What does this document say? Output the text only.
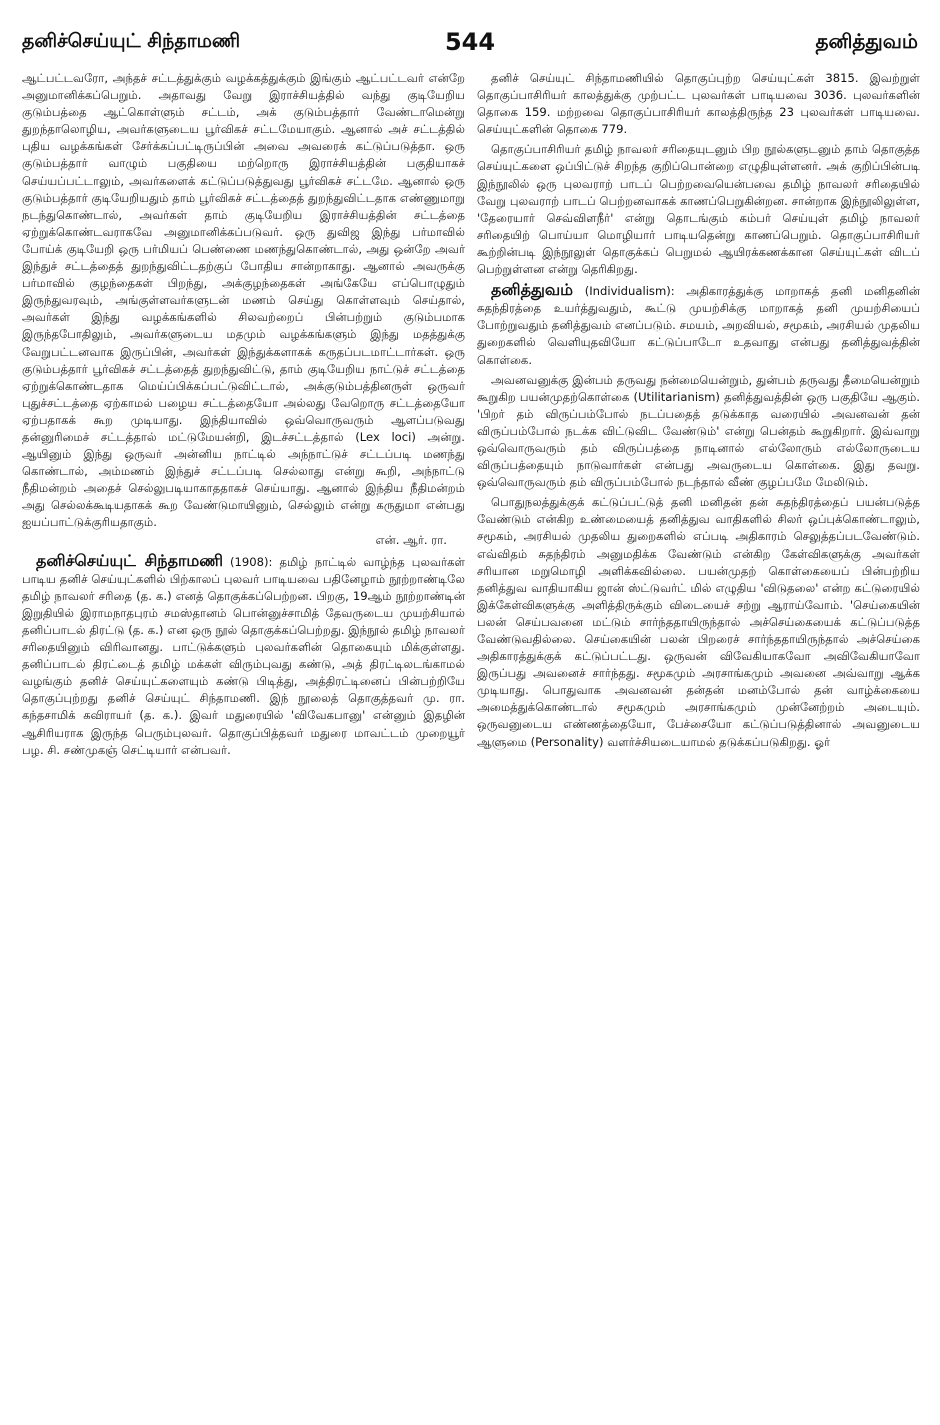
தனிச்செய்யுட் சிந்தாமணி	544	தனித்துவம்

ஆட்பட்டவரோ, அந்தச் சட்டத்துக்கும் வழக்கத்துக்கும் இங்கும் ஆட்பட்டவர் என்றே அனுமானிக்கப்பெறும். அதாவது வேறு இராச்சியத்தில் வந்து குடியேறிய குடும்பத்தை ஆட்கொள்ளும் சட்டம், அக் குடும்பத்தார் வேண்டாமென்று துறந்தாலொழிய, அவர்களுடைய பூர்விகச் சட்டமேயாகும். ஆனால் அச் சட்டத்தில் புதிய வழக்கங்கள் சேர்க்கப்பட்டிருப்பின் அவை அவரைக் கட்டுப்படுத்தா. ஒரு குடும்பத்தார் வாழும் பகுதியை மற்றொரு இராச்சியத்தின் பகுதியாகச் செய்யப்பட்டாலும், அவர்களைக் கட்டுப்படுத்துவது பூர்விகச் சட்டமே. ஆனால் ஒரு குடும்பத்தார் குடியேறியதும் தாம் பூர்விகச் சட்டத்தைத் துறந்துவிட்டதாக எண்ணுமாறு நடந்துகொண்டால், அவர்கள் தாம் குடியேறிய இராச்சியத்தின் சட்டத்தை ஏற்றுக்கொண்டவராகவே அனுமானிக்கப்படுவர். ஒரு துவிஜ இந்து பர்மாவில் போய்க் குடியேறி ஒரு பர்மியப் பெண்ணை மணந்துகொண்டால், அது ஒன்றே அவர் இந்துச் சட்டத்தைத் துறந்துவிட்டதற்குப் போதிய சான்றாகாது. ஆனால் அவருக்கு பர்மாவில் குழந்தைகள் பிறந்து, அக்குழந்தைகள் அங்கேயே எப்பொழுதும் இருந்துவரவும், அங்குள்ளவர்களுடன் மணம் செய்து கொள்ளவும் செய்தால், அவர்கள் இந்து வழக்கங்களில் சிலவற்றைப் பின்பற்றும் குடும்பமாக இருந்தபோதிலும், அவர்களுடைய மதமும் வழக்கங்களும் இந்து மதத்துக்கு வேறுபட்டனவாக இருப்பின், அவர்கள் இந்துக்களாகக் கருதப்படமாட்டார்கள். ஒரு குடும்பத்தார் பூர்விகச் சட்டத்தைத் துறந்துவிட்டு, தாம் குடியேறிய நாட்டுச் சட்டத்தை ஏற்றுக்கொண்டதாக மெய்ப்பிக்கப்பட்டுவிட்டால், அக்குடும்பத்தினருள் ஒருவர் புதுச்சட்டத்தை ஏற்காமல் பழைய சட்டத்தையோ அல்லது வேறொரு சட்டத்தையோ ஏற்பதாகக் கூற முடியாது. இந்தியாவில் ஒவ்வொருவரும் ஆளப்படுவது தன்னுரிமைச் சட்டத்தால் மட்டுமேயன்றி, இடச்சட்டத்தால் (Lex loci) அன்று. ஆயினும் இந்து ஒருவர் அன்னிய நாட்டில் அந்நாட்டுச் சட்டப்படி மணந்து கொண்டால், அம்மணம் இந்துச் சட்டப்படி செல்லாது என்று கூறி, அந்நாட்டு நீதிமன்றம் அதைச் செல்லுபடியாகாததாகச் செய்யாது. ஆனால் இந்திய நீதிமன்றம் அது செல்லக்கூடியதாகக் கூற வேண்டுமாயினும், செல்லும் என்று கருதுமா என்பது ஐயப்பாட்டுக்குரியதாகும்.
என். ஆர். ரா.

தனிச்செய்யுட் சிந்தாமணி (1908): தமிழ் நாட்டில் வாழ்ந்த புலவர்கள் பாடிய தனிச் செய்யுட்களில் பிற்காலப் புலவர் பாடியவை பதினேழாம் நூற்றாண்டிலே தமிழ் நாவலர் சரிதை (த. க.) எனத் தொகுக்கப்பெற்றன. பிறகு, 19ஆம் நூற்றாண்டின் இறுதியில் இராமநாதபுரம் சமஸ்தானம் பொன்னுச்சாமித் தேவருடைய முயற்சியால் தனிப்பாடல் திரட்டு (த. க.) என ஒரு நூல் தொகுக்கப்பெற்றது. இந்நூல் தமிழ் நாவலர் சரிதையினும் விரிவானது. பாட்டுக்களும் புலவர்களின் தொகையும் மிக்குள்ளது. தனிப்பாடல் திரட்டைத் தமிழ் மக்கள் விரும்புவது கண்டு, அத் திரட்டிலடங்காமல் வழங்கும் தனிச் செய்யுட்களையும் கண்டு பிடித்து, அத்திரட்டினைப் பின்பற்றியே தொகுப்புற்றது தனிச் செய்யுட் சிந்தாமணி. இந் நூலைத் தொகுத்தவர் மு. ரா. கந்தசாமிக் கவிராயர் (த. க.). இவர் மதுரையில் 'விவேகபானு' என்னும் இதழின் ஆசிரியராக இருந்த பெரும்புலவர். தொகுப்பித்தவர் மதுரை மாவட்டம் முறையூர் பழ. சி. சண்முகஞ் செட்டியார் என்பவர்.

தனிச் செய்யுட் சிந்தாமணியில் தொகுப்புற்ற செய்யுட்கள் 3815. இவற்றுள் தொகுப்பாசிரியர் காலத்துக்கு முற்பட்ட புலவர்கள் பாடியவை 3036. புலவர்களின் தொகை 159. மற்றவை தொகுப்பாசிரியர் காலத்திருந்த 23 புலவர்கள் பாடியவை. செய்யுட்களின் தொகை 779.

தொகுப்பாசிரியர் தமிழ் நாவலர் சரிதையுடனும் பிற நூல்களுடனும் தாம் தொகுத்த செய்யுட்களை ஒப்பிட்டுச் சிறந்த குறிப்பொன்றை எழுதியுள்ளனர். அக் குறிப்பின்படி இந்நூலில் ஒரு புலவராற் பாடப் பெற்றவையென்பவை தமிழ் நாவலர் சரிதையில் வேறு புலவராற் பாடப் பெற்றனவாகக் காணப்பெறுகின்றன. சான்றாக இந்நூலிலுள்ள, 'தேரையார் செவ்விளநீர்' என்று தொடங்கும் கம்பர் செய்யுள் தமிழ் நாவலர் சரிதையிற் பொய்யா மொழியார் பாடியதென்று காணப்பெறும். தொகுப்பாசிரியர் கூற்றின்படி இந்நூலுள் தொகுக்கப் பெறுமல் ஆயிரக்கணக்கான செய்யுட்கள் விடப் பெற்றுள்ளன என்று தெரிகிறது.

தனித்துவம் (Individualism): அதிகாரத்துக்கு மாறாகத் தனி மனிதனின் சுதந்திரத்தை உயர்த்துவதும், கூட்டு முயற்சிக்கு மாறாகத் தனி முயற்சியைப் போற்றுவதும் தனித்துவம் எனப்படும். சமயம், அறவியல், சமூகம், அரசியல் முதலிய துறைகளில் வெளியுதவியோ கட்டுப்பாடோ உதவாது என்பது தனித்துவத்தின் கொள்கை.

அவனவனுக்கு இன்பம் தருவது நன்மையென்றும், துன்பம் தருவது தீமையென்றும் கூறுகிற பயன்முதற்கொள்கை (Utilitarianism) தனித்துவத்தின் ஒரு பகுதியே ஆகும். 'பிறர் தம் விருப்பம்போல் நடப்பதைத் தடுக்காத வரையில் அவனவன் தன் விருப்பம்போல் நடக்க விட்டுவிட வேண்டும்' என்று பென்தம் கூறுகிறார். இவ்வாறு ஒவ்வொருவரும் தம் விருப்பத்தை நாடினால் எல்லோரும் எல்லோருடைய விருப்பத்தையும் நாடுவார்கள் என்பது அவருடைய கொள்கை. இது தவறு. ஒவ்வொருவரும் தம் விருப்பம்போல் நடந்தால் வீண் குழப்பமே மேலிடும்.

பொதுநலத்துக்குக் கட்டுப்பட்டுத் தனி மனிதன் தன் சுதந்திரத்தைப் பயன்படுத்த வேண்டும் என்கிற உண்மையைத் தனித்துவ வாதிகளில் சிலர் ஒப்புக்கொண்டாலும், சமூகம், அரசியல் முதலிய துறைகளில் எப்படி அதிகாரம் செலுத்தப்படவேண்டும். எவ்விதம் சுதந்திரம் அனுமதிக்க வேண்டும் என்கிற கேள்விகளுக்கு அவர்கள் சரியான மறுமொழி அளிக்கவில்லை. பயன்முதற் கொள்கையைப் பின்பற்றிய தனித்துவ வாதியாகிய ஜான் ஸ்ட்டுவர்ட் மில் எழுதிய 'விடுதலை' என்ற கட்டுரையில் இக்கேள்விகளுக்கு அளித்திருக்கும் விடையைச் சற்று ஆராய்வோம். 'செய்கையின் பலன் செய்பவனை மட்டும் சார்ந்ததாயிருந்தால் அச்செய்கையைக் கட்டுப்படுத்த வேண்டுவதில்லை. செய்கையின் பலன் பிறரைச் சார்ந்ததாயிருந்தால் அச்செய்கை அதிகாரத்துக்குக் கட்டுப்பட்டது. ஒருவன் விவேகியாகவோ அவிவேகியாவோ இருப்பது அவனைச் சார்ந்தது. சமூகமும் அரசாங்கமும் அவனை அவ்வாறு ஆக்க முடியாது. பொதுவாக அவனவன் தன்தன் மனம்போல் தன் வாழ்க்கையை அமைத்துக்கொண்டால் சமூகமும் அரசாங்கமும் முன்னேற்றம் அடையும். ஒருவனுடைய எண்ணத்தையோ, பேச்சையோ கட்டுப்படுத்தினால் அவனுடைய ஆளுமை (Personality) வளர்ச்சியடையாமல் தடுக்கப்படுகிறது. ஓர்
